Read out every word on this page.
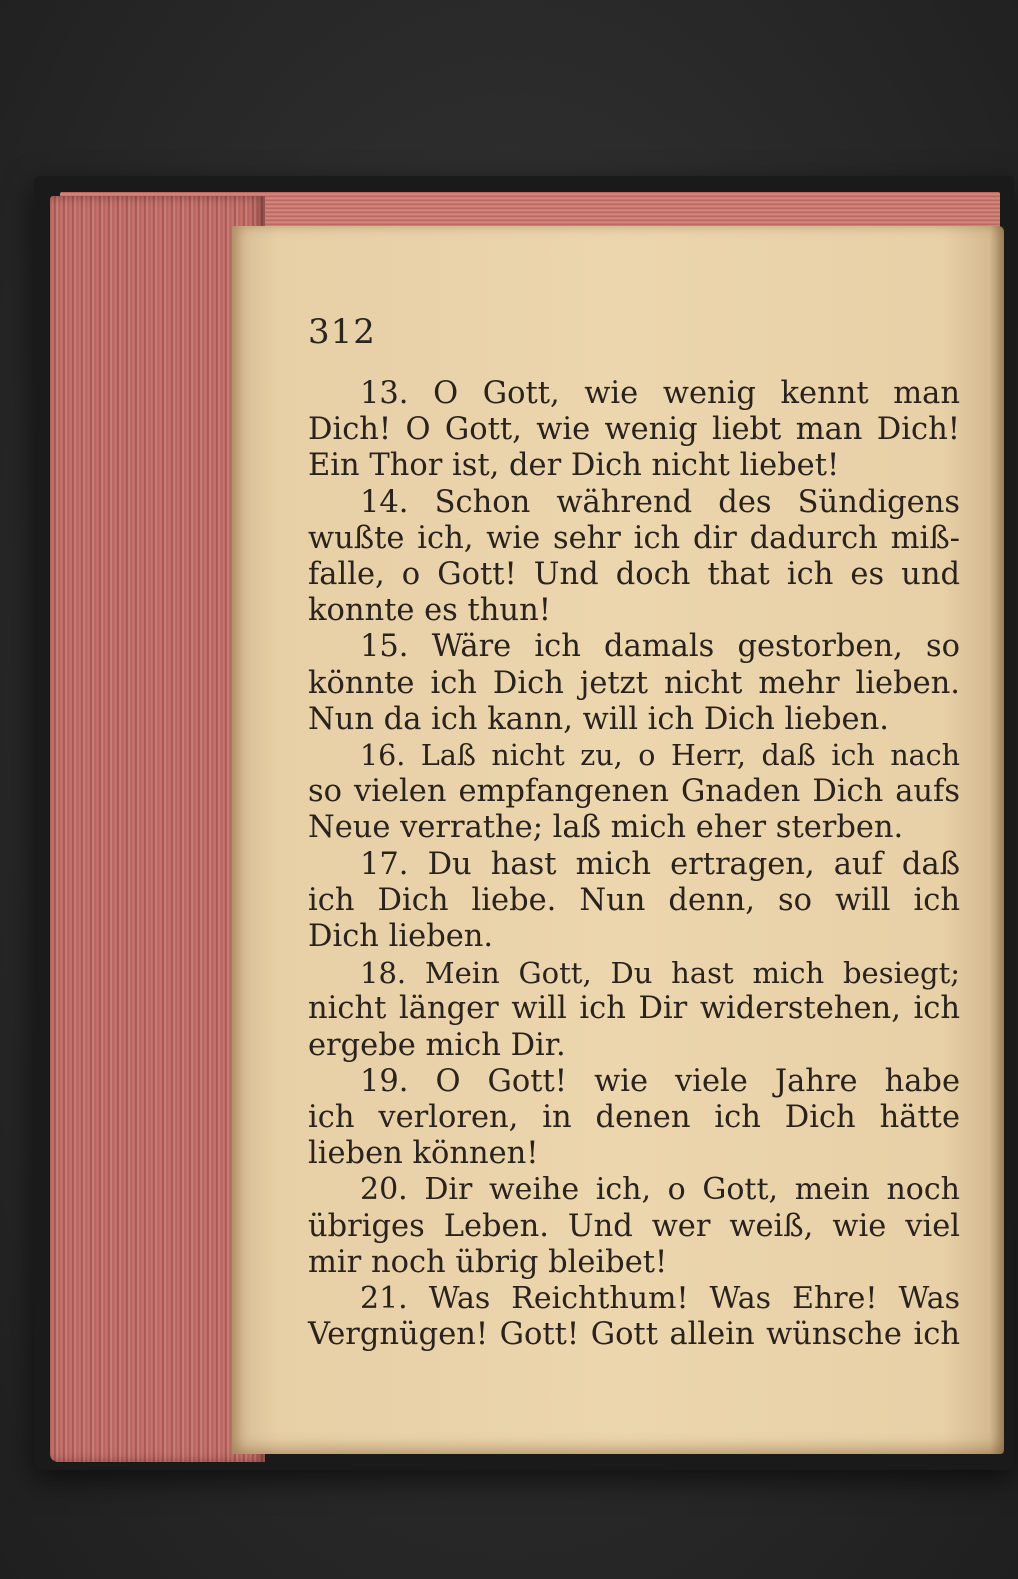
312
13. O Gott, wie wenig kennt man
Dich! O Gott, wie wenig liebt man Dich!
Ein Thor ist, der Dich nicht liebet!
14. Schon während des Sündigens
wußte ich, wie sehr ich dir dadurch miß-
falle, o Gott! Und doch that ich es und
konnte es thun!
15. Wäre ich damals gestorben, so
könnte ich Dich jetzt nicht mehr lieben.
Nun da ich kann, will ich Dich lieben.
16. Laß nicht zu, o Herr, daß ich nach
so vielen empfangenen Gnaden Dich aufs
Neue verrathe; laß mich eher sterben.
17. Du hast mich ertragen, auf daß
ich Dich liebe. Nun denn, so will ich
Dich lieben.
18. Mein Gott, Du hast mich besiegt;
nicht länger will ich Dir widerstehen, ich
ergebe mich Dir.
19. O Gott! wie viele Jahre habe
ich verloren, in denen ich Dich hätte
lieben können!
20. Dir weihe ich, o Gott, mein noch
übriges Leben. Und wer weiß, wie viel
mir noch übrig bleibet!
21. Was Reichthum! Was Ehre! Was
Vergnügen! Gott! Gott allein wünsche ich
